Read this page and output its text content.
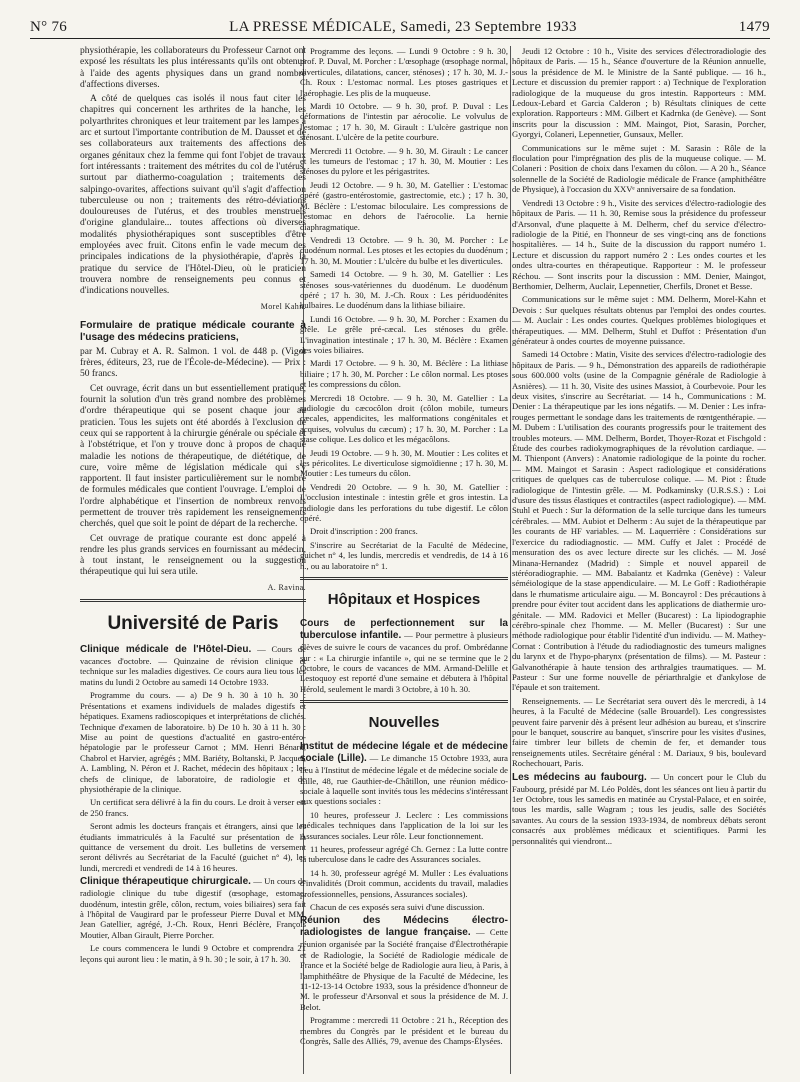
N° 76	LA PRESSE MÉDICALE, Samedi, 23 Septembre 1933	1479

physiothérapie, les collaborateurs du Professeur Carnot ont exposé les résultats les plus intéressants qu'ils ont obtenus à l'aide des agents physiques dans un grand nombre d'affections diverses.

A côté de quelques cas isolés il nous faut citer les chapitres qui concernent les arthrites de la hanche, les polyarthrites chroniques et leur traitement par les lampes à arc et surtout l'importante contribution de M. Dausset et de ses collaborateurs aux traitements des affections des organes génitaux chez la femme qui font l'objet de travaux fort intéressants : traitement des métrites du col de l'utérus, surtout par diathermo-coagulation ; traitements des salpingo-ovarites, affections suivant qu'il s'agit d'affection tuberculeuse ou non ; traitements des rétro-déviations douloureuses de l'utérus, et des troubles menstruels d'origine glandulaire... toutes affections où diverses modalités physiothérapiques sont susceptibles d'être employées avec fruit. Citons enfin le vade mecum des principales indications de la physiothérapie, d'après la pratique du service de l'Hôtel-Dieu, où le praticien trouvera nombre de renseignements peu connus et d'indications nouvelles.

Morel Kahn.

Formulaire de pratique médicale courante à l'usage des médecins praticiens,

par M. Cubray et A. R. Salmon. 1 vol. de 448 p. (Vigot frères, éditeurs, 23, rue de l'École-de-Médecine). — Prix : 50 francs.

Cet ouvrage, écrit dans un but essentiellement pratique, fournit la solution d'un très grand nombre des problèmes d'ordre thérapeutique qui se posent chaque jour au praticien. Tous les sujets ont été abordés à l'exclusion de ceux qui se rapportent à la chirurgie générale ou spéciale et à l'obstétrique, et l'on y trouve donc à propos de chaque maladie les notions de thérapeutique, de diététique, de cure, voire même de législation médicale qui s'y rapportent. Il faut insister particulièrement sur le nombre de formules médicales que contient l'ouvrage. L'emploi de l'ordre alphabétique et l'insertion de nombreux renvois permettent de trouver très rapidement les renseignements cherchés, quel que soit le point de départ de la recherche.

Cet ouvrage de pratique courante est donc appelé à rendre les plus grands services en fournissant au médecin, à tout instant, le renseignement ou la suggestion thérapeutique qui lui sera utile.

A. Ravina.

Université de Paris

Clinique médicale de l'Hôtel-Dieu. — Cours de vacances d'octobre. — Quinzaine de révision clinique et technique sur les maladies digestives. Ce cours aura lieu tous les matins du lundi 2 Octobre au samedi 14 Octobre 1933.

Programme du cours. — a) De 9 h. 30 à 10 h. 30 : Présentations et examens individuels de malades digestifs et hépatiques. Examens radioscopiques et interprétations de clichés. Technique d'examen de laboratoire. b) De 10 h. 30 à 11 h. 30 : Mise au point de questions d'actualité en gastro-entéro-hépatologie par le professeur Carnot ; MM. Henri Bénard, Chabrol et Harvier, agrégés ; MM. Bariéty, Boltanski, P. Jacquet, A. Lambling, N. Péron et J. Rachet, médecin des hôpitaux ; les chefs de clinique, de laboratoire, de radiologie et de physiothérapie de la clinique.

Un certificat sera délivré à la fin du cours. Le droit à verser est de 250 francs.

Seront admis les docteurs français et étrangers, ainsi que les étudiants immatriculés à la Faculté sur présentation de la quittance de versement du droit. Les bulletins de versement seront délivrés au Secrétariat de la Faculté (guichet n° 4), les lundi, mercredi et vendredi de 14 à 16 heures.

Clinique thérapeutique chirurgicale. — Un cours de radiologie clinique du tube digestif (œsophage, estomac, duodénum, intestin grêle, côlon, rectum, voies biliaires) sera fait à l'hôpital de Vaugirard par le professeur Pierre Duval et MM. Jean Gatellier, agrégé, J.-Ch. Roux, Henri Béclère, François Moutier, Alban Girault, Pierre Porcher.

Le cours commencera le lundi 9 Octobre et comprendra 21 leçons qui auront lieu : le matin, à 9 h. 30 ; le soir, à 17 h. 30.

Programme des leçons. — Lundi 9 Octobre : 9 h. 30, prof. P. Duval, M. Porcher : L'œsophage (œsophage normal, diverticules, dilatations, cancer, sténoses) ; 17 h. 30, M. J.-Ch. Roux : L'estomac normal. Les ptoses gastriques et l'aérophagie. Les plis de la muqueuse.

Mardi 10 Octobre. — 9 h. 30, prof. P. Duval : Les déformations de l'intestin par aérocolie. Le volvulus de l'estomac ; 17 h. 30, M. Girault : L'ulcère gastrique non sténosant. L'ulcère de la petite courbure.

Mercredi 11 Octobre. — 9 h. 30, M. Girault : Le cancer et les tumeurs de l'estomac ; 17 h. 30, M. Moutier : Les sténoses du pylore et les périgastrites.

Jeudi 12 Octobre. — 9 h. 30, M. Gatellier : L'estomac opéré (gastro-entérostomie, gastrectomie, etc.) ; 17 h. 30, M. Béclère : L'estomac biloculaire. Les compressions de l'estomac en dehors de l'aérocolie. La hernie diaphragmatique.

Vendredi 13 Octobre. — 9 h. 30, M. Porcher : Le duodénum normal. Les ptoses et les ectopies du duodénum ; 17 h. 30, M. Moutier : L'ulcère du bulbe et les diverticules.

Samedi 14 Octobre. — 9 h. 30, M. Gatellier : Les sténoses sous-vatériennes du duodénum. Le duodénum opéré ; 17 h. 30, M. J.-Ch. Roux : Les périduodénites bulbaires. Le duodénum dans la lithiase biliaire.

Lundi 16 Octobre. — 9 h. 30, M. Porcher : Examen du grêle. Le grêle pré-cæcal. Les sténoses du grêle. L'invagination intestinale ; 17 h. 30, M. Béclère : Examen des voies biliaires.

Mardi 17 Octobre. — 9 h. 30, M. Béclère : La lithiase biliaire ; 17 h. 30, M. Porcher : Le côlon normal. Les ptoses et les compressions du côlon.

Mercredi 18 Octobre. — 9 h. 30, M. Gatellier : La radiologie du cæcocôlon droit (côlon mobile, tumeurs cæcales, appendicites, les malformations congénitales et acquises, volvulus du cæcum) ; 17 h. 30, M. Porcher : La stase colique. Les dolico et les mégacôlons.

Jeudi 19 Octobre. — 9 h. 30, M. Moutier : Les colites et les péricolites. Le diverticulose sigmoïdienne ; 17 h. 30, M. Moutier : Les tumeurs du côlon.

Vendredi 20 Octobre. — 9 h. 30, M. Gatellier : L'occlusion intestinale : intestin grêle et gros intestin. La radiologie dans les perforations du tube digestif. Le côlon opéré.

Droit d'inscription : 200 francs.

S'inscrire au Secrétariat de la Faculté de Médecine, guichet n° 4, les lundis, mercredis et vendredis, de 14 à 16 h., ou au laboratoire n° 1.

Hôpitaux et Hospices

Cours de perfectionnement sur la tuberculose infantile. — Pour permettre à plusieurs élèves de suivre le cours de vacances du prof. Ombrédanne sur : « La chirurgie infantile », qui ne se termine que le 2 Octobre, le cours de vacances de MM. Armand-Delille et Lestoquoy est reporté d'une semaine et débutera à l'hôpital Hérold, seulement le mardi 3 Octobre, à 10 h. 30.

Nouvelles

Institut de médecine légale et de médecine sociale (Lille). — Le dimanche 15 Octobre 1933, aura lieu à l'Institut de médecine légale et de médecine sociale de Lille, 48, rue Gauthier-de-Châtillon, une réunion médico-sociale à laquelle sont invités tous les médecins s'intéressant aux questions sociales :

10 heures, professeur J. Leclerc : Les commissions médicales techniques dans l'application de la loi sur les Assurances sociales. Leur rôle. Leur fonctionnement.

11 heures, professeur agrégé Ch. Gernez : La lutte contre la tuberculose dans le cadre des Assurances sociales.

14 h. 30, professeur agrégé M. Muller : Les évaluations d'invalidités (Droit commun, accidents du travail, maladies professionnelles, pensions, Assurances sociales).

Chacun de ces exposés sera suivi d'une discussion.

Réunion des Médecins électro-radiologistes de langue française. — Cette réunion organisée par la Société française d'Électrothérapie et de Radiologie, la Société de Radiologie médicale de France et la Société belge de Radiologie aura lieu, à Paris, à l'amphithéâtre de Physique de la Faculté de Médecine, les 11-12-13-14 Octobre 1933, sous la présidence d'honneur de M. le professeur d'Arsonval et sous la présidence de M. J. Belot.

Programme : mercredi 11 Octobre : 21 h., Réception des membres du Congrès par le président et le bureau du Congrès, Salle des Alliés, 79, avenue des Champs-Élysées.

Jeudi 12 Octobre : 10 h., Visite des services d'électroradiologie des hôpitaux de Paris. — 15 h., Séance d'ouverture de la Réunion annuelle, sous la présidence de M. le Ministre de la Santé publique. — 16 h., Lecture et discussion du premier rapport : a) Technique de l'exploration radiologique de la muqueuse du gros intestin. Rapporteurs : MM. Ledoux-Lebard et Garcia Calderon ; b) Résultats cliniques de cette exploration. Rapporteurs : MM. Gilbert et Kadrnka (de Genève). — Sont inscrits pour la discussion : MM. Maingot, Piot, Sarasin, Porcher, Gyorgyi, Colaneri, Lepennetier, Gunsaux, Meller.

Communications sur le même sujet : M. Sarasin : Rôle de la floculation pour l'imprégnation des plis de la muqueuse colique. — M. Colaneri : Position de choix dans l'examen du côlon. — A 20 h., Séance solennelle de la Société de Radiologie médicale de France (amphithéâtre de Physique), à l'occasion du XXVᵉ anniversaire de sa fondation.

Vendredi 13 Octobre : 9 h., Visite des services d'électro-radiologie des hôpitaux de Paris. — 11 h. 30, Remise sous la présidence du professeur d'Arsonval, d'une plaquette à M. Delherm, chef du service d'électro-radiologie de la Pitié, en l'honneur de ses vingt-cinq ans de fonctions hospitalières. — 14 h., Suite de la discussion du rapport numéro 1. Lecture et discussion du rapport numéro 2 : Les ondes courtes et les ondes ultra-courtes en thérapeutique. Rapporteur : M. le professeur Réchou. — Sont inscrits pour la discussion : MM. Denier, Maingot, Berthomier, Delherm, Auclair, Lepennetier, Cherfils, Dronet et Besse.

Communications sur le même sujet : MM. Delherm, Morel-Kahn et Devois : Sur quelques résultats obtenus par l'emploi des ondes courtes. — M. Auclair : Les ondes courtes. Quelques problèmes biologiques et thérapeutiques. — MM. Delherm, Stuhl et Duffot : Présentation d'un générateur à ondes courtes de moyenne puissance.

Samedi 14 Octobre : Matin, Visite des services d'électro-radiologie des hôpitaux de Paris. — 9 h., Démonstration des appareils de radiothérapie sous 600.000 volts (usine de la Compagnie générale de Radiologie à Asnières). — 11 h. 30, Visite des usines Massiot, à Courbevoie. Pour les deux visites, s'inscrire au Secrétariat. — 14 h., Communications : M. Denier : La thérapeutique par les ions négatifs. — M. Denier : Les infra-rouges permettant le sondage dans les traitements de rœntgenthérapie. — M. Dubem : L'utilisation des courants progressifs pour le traitement des troubles moteurs. — MM. Delherm, Bordet, Thoyer-Rozat et Fischgold : Étude des courbes radiokymographiques de la révolution cardiaque. — M. Thienpont (Anvers) : Anatomie radiologique de la pointe du rocher. — MM. Maingot et Sarasin : Aspect radiologique et considérations critiques de quelques cas de tuberculose colique. — M. Piot : Étude radiologique de l'intestin grêle. — M. Podkaminsky (U.R.S.S.) : Loi d'usure des tissus élastiques et contractiles (aspect radiologique). — MM. Stuhl et Puech : Sur la déformation de la selle turcique dans les tumeurs cérébrales. — MM. Aubiot et Delherm : Au sujet de la thérapeutique par les courants de HF variables. — M. Laquerrière : Considérations sur l'exercice du radiodiagnostic. — MM. Cuffy et Jalet : Procédé de mensuration des os avec lecture directe sur les clichés. — M. José Minana-Hernandez (Madrid) : Simple et nouvel appareil de stéréoradiographie. — MM. Babaïantz et Kadrnka (Genève) : Valeur séméiologique de la stase appendiculaire. — M. Le Goff : Radiothérapie dans le rhumatisme articulaire aigu. — M. Boncayrol : Des précautions à prendre pour éviter tout accident dans les applications de diathermie uro-génitale. — MM. Radovici et Meller (Bucarest) : La lipiodographie cérébro-spinale chez l'homme. — M. Meller (Bucarest) : Sur une méthode radiologique pour établir l'identité d'un individu. — M. Mathey-Cornat : Contribution à l'étude du radiodiagnostic des tumeurs malignes du larynx et de l'hypo-pharynx (présentation de films). — M. Pasteur : Galvanothérapie à haute tension des arthralgies traumatiques. — M. Pasteur : Sur une forme nouvelle de périarthralgie et d'ankylose de l'épaule et son traitement.

Renseignements. — Le Secrétariat sera ouvert dès le mercredi, à 14 heures, à la Faculté de Médecine (salle Brouardel). Les congressistes peuvent faire parvenir dès à présent leur adhésion au bureau, et s'inscrire pour le banquet, souscrire au banquet, s'inscrire pour les visites d'usines, faire timbrer leur billets de chemin de fer, et demander tous renseignements utiles. Secrétaire général : M. Dariaux, 9 bis, boulevard Rochechouart, Paris.

Les médecins au faubourg. — Un concert pour le Club du Faubourg, présidé par M. Léo Poldès, dont les séances ont lieu à partir du 1er Octobre, tous les samedis en matinée au Crystal-Palace, et en soirée, tous les mardis, salle Wagram ; tous les jeudis, salle des Sociétés savantes. Au cours de la session 1933-1934, de nombreux débats seront consacrés aux problèmes médicaux et scientifiques. Parmi les personnalités qui viendront...
